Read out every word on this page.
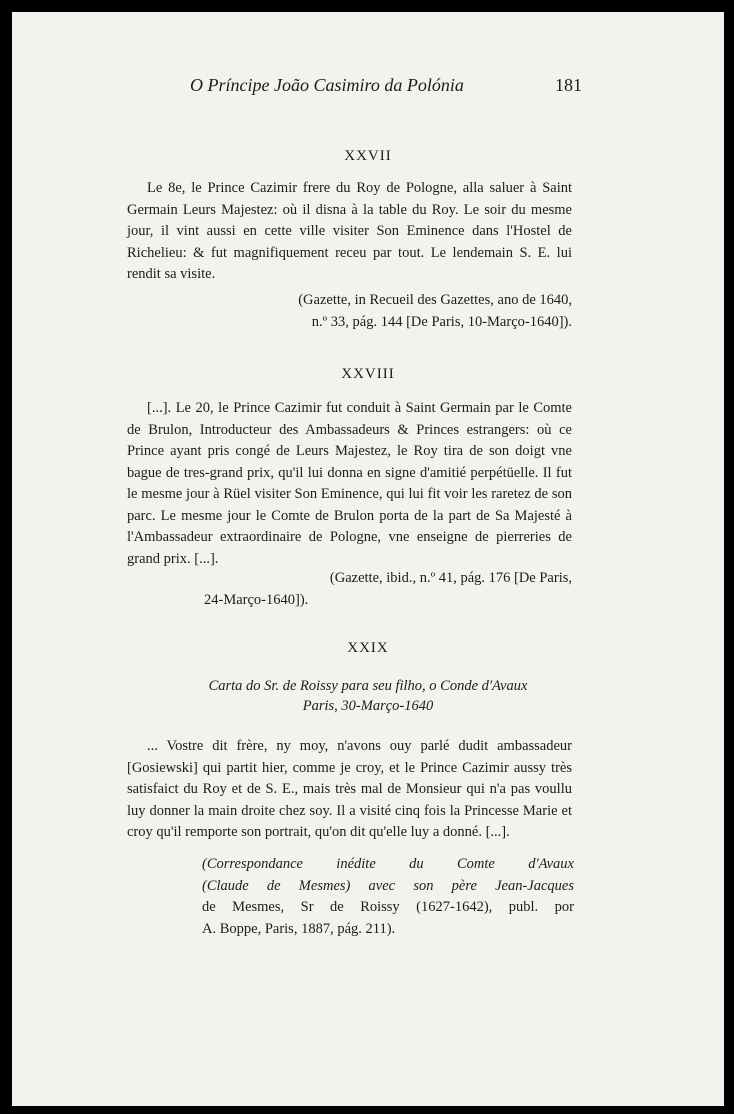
O Príncipe João Casimiro da Polónia	181
XXVII
Le 8e, le Prince Cazimir frere du Roy de Pologne, alla saluer à Saint Germain Leurs Majestez: où il disna à la table du Roy. Le soir du mesme jour, il vint aussi en cette ville visiter Son Eminence dans l'Hostel de Richelieu: & fut magnifiquement receu par tout. Le lendemain S. E. lui rendit sa visite.
(Gazette, in Recueil des Gazettes, ano de 1640,
n.º 33, pág. 144 [De Paris, 10-Março-1640]).
XXVIII
[...]. Le 20, le Prince Cazimir fut conduit à Saint Germain par le Comte de Brulon, Introducteur des Ambassadeurs & Princes estrangers: où ce Prince ayant pris congé de Leurs Majestez, le Roy tira de son doigt vne bague de tres-grand prix, qu'il lui donna en signe d'amitié perpétüelle. Il fut le mesme jour à Rüel visiter Son Eminence, qui lui fit voir les raretez de son parc. Le mesme jour le Comte de Brulon porta de la part de Sa Majesté à l'Ambassadeur extraordinaire de Pologne, vne enseigne de pierreries de grand prix. [...].
(Gazette, ibid., n.º 41, pág. 176 [De Paris,
24-Março-1640]).
XXIX
Carta do Sr. de Roissy para seu filho, o Conde d'Avaux
Paris, 30-Março-1640
... Vostre dit frère, ny moy, n'avons ouy parlé dudit ambassadeur [Gosiewski] qui partit hier, comme je croy, et le Prince Cazimir aussy très satisfaict du Roy et de S. E., mais très mal de Monsieur qui n'a pas voullu luy donner la main droite chez soy. Il a visité cinq fois la Princesse Marie et croy qu'il remporte son portrait, qu'on dit qu'elle luy a donné. [...].
(Correspondance inédite du Comte d'Avaux
(Claude de Mesmes) avec son père Jean-Jacques
de Mesmes, Sr de Roissy (1627-1642), publ. por
A. Boppe, Paris, 1887, pág. 211).
